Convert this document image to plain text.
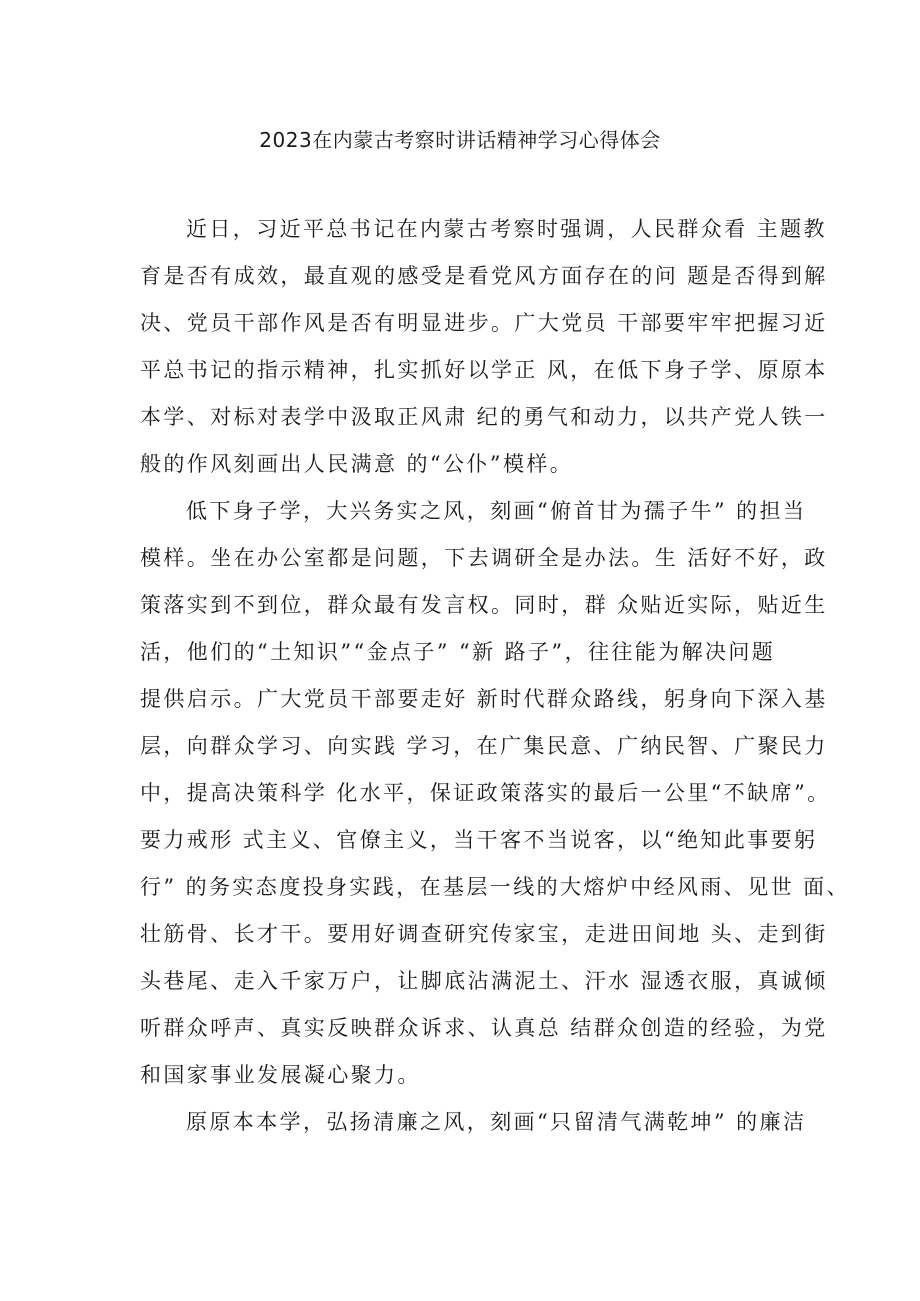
2023在内蒙古考察时讲话精神学习心得体会
近日，习近平总书记在内蒙古考察时强调，人民群众看 主题教
育是否有成效，最直观的感受是看党风方面存在的问 题是否得到解
决、党员干部作风是否有明显进步。广大党员 干部要牢牢把握习近
平总书记的指示精神，扎实抓好以学正 风，在低下身子学、原原本
本学、对标对表学中汲取正风肃 纪的勇气和动力，以共产党人铁一
般的作风刻画出人民满意 的“公仆”模样。
低下身子学，大兴务实之风，刻画“俯首甘为孺子牛” 的担当
模样。坐在办公室都是问题，下去调研全是办法。生 活好不好，政
策落实到不到位，群众最有发言权。同时，群 众贴近实际，贴近生
活，他们的“土知识”“金点子” “新 路子”，往往能为解决问题
提供启示。广大党员干部要走好 新时代群众路线，躬身向下深入基
层，向群众学习、向实践 学习，在广集民意、广纳民智、广聚民力
中，提高决策科学 化水平，保证政策落实的最后一公里“不缺席”。
要力戒形 式主义、官僚主义，当干客不当说客，以“绝知此事要躬
行” 的务实态度投身实践，在基层一线的大熔炉中经风雨、见世 面、
壮筋骨、长才干。要用好调查研究传家宝，走进田间地 头、走到街
头巷尾、走入千家万户，让脚底沾满泥土、汗水 湿透衣服，真诚倾
听群众呼声、真实反映群众诉求、认真总 结群众创造的经验，为党
和国家事业发展凝心聚力。
原原本本学，弘扬清廉之风，刻画“只留清气满乾坤” 的廉洁
